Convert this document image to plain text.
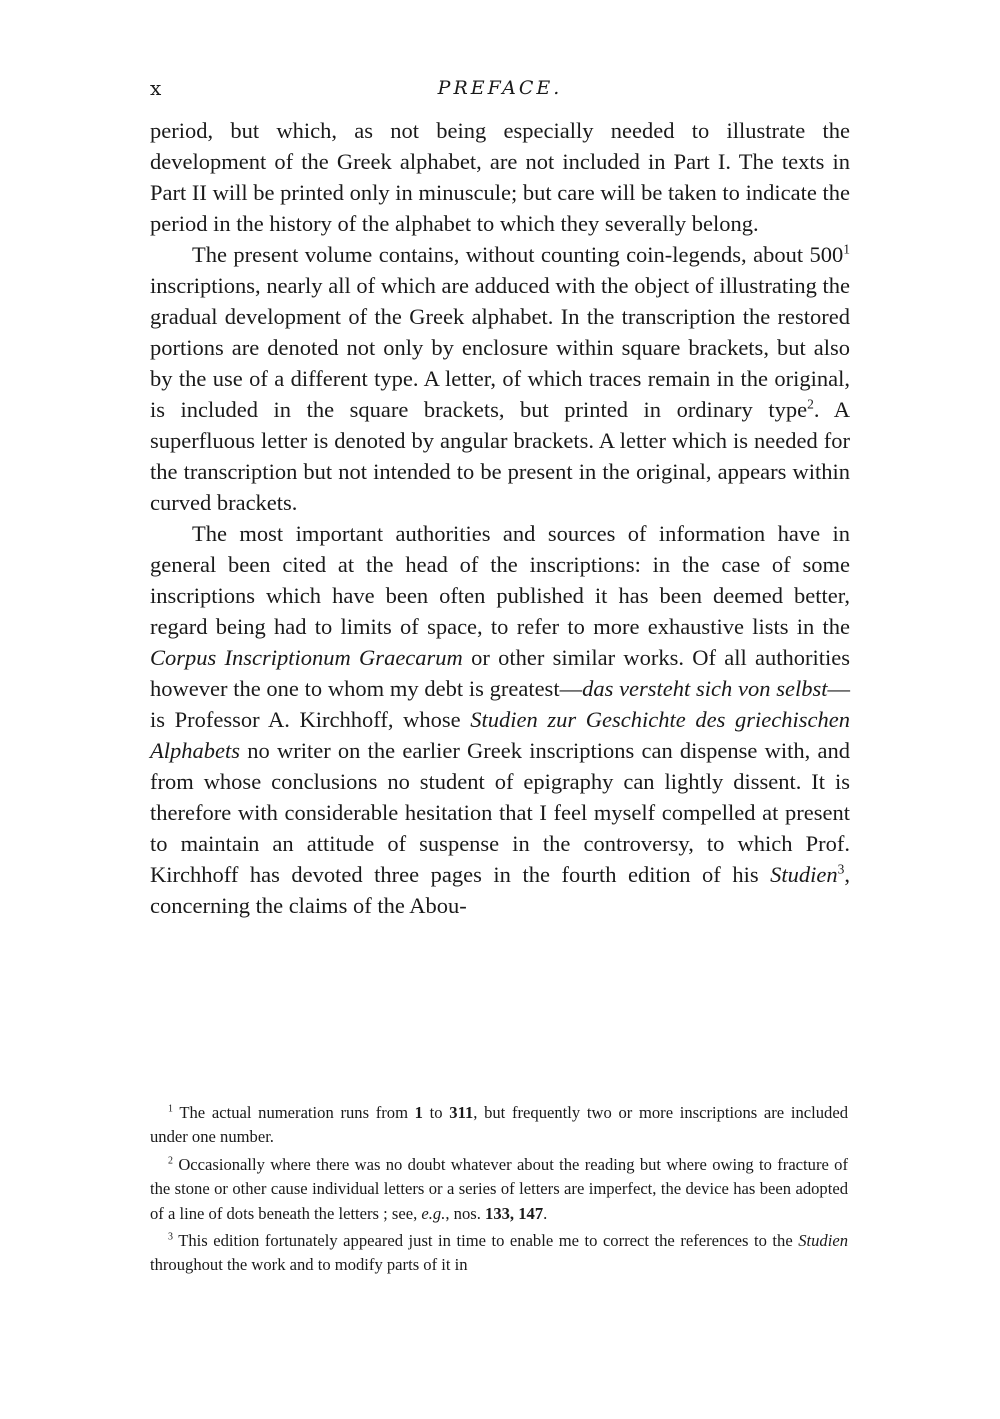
x	PREFACE.

period, but which, as not being especially needed to illustrate the development of the Greek alphabet, are not included in Part I. The texts in Part II will be printed only in minuscule; but care will be taken to indicate the period in the history of the alphabet to which they severally belong.

The present volume contains, without counting coin-legends, about $500^1$ inscriptions, nearly all of which are adduced with the object of illustrating the gradual development of the Greek alphabet. In the transcription the restored portions are denoted not only by enclosure within square brackets, but also by the use of a different type. A letter, of which traces remain in the original, is included in the square brackets, but printed in ordinary type$^2$. A superfluous letter is denoted by angular brackets. A letter which is needed for the transcription but not intended to be present in the original, appears within curved brackets.

The most important authorities and sources of information have in general been cited at the head of the inscriptions: in the case of some inscriptions which have been often published it has been deemed better, regard being had to limits of space, to refer to more exhaustive lists in the Corpus Inscriptionum Graecarum or other similar works. Of all authorities however the one to whom my debt is greatest—das versteht sich von selbst—is Professor A. Kirchhoff, whose Studien zur Geschichte des griechischen Alphabets no writer on the earlier Greek inscriptions can dispense with, and from whose conclusions no student of epigraphy can lightly dissent. It is therefore with considerable hesitation that I feel myself compelled at present to maintain an attitude of suspense in the controversy, to which Prof. Kirchhoff has devoted three pages in the fourth edition of his Studien$^3$, concerning the claims of the Abou-

$^1$ The actual numeration runs from 1 to 311, but frequently two or more inscriptions are included under one number.

$^2$ Occasionally where there was no doubt whatever about the reading but where owing to fracture of the stone or other cause individual letters or a series of letters are imperfect, the device has been adopted of a line of dots beneath the letters ; see, e.g., nos. 133, 147.

$^3$ This edition fortunately appeared just in time to enable me to correct the references to the Studien throughout the work and to modify parts of it in
